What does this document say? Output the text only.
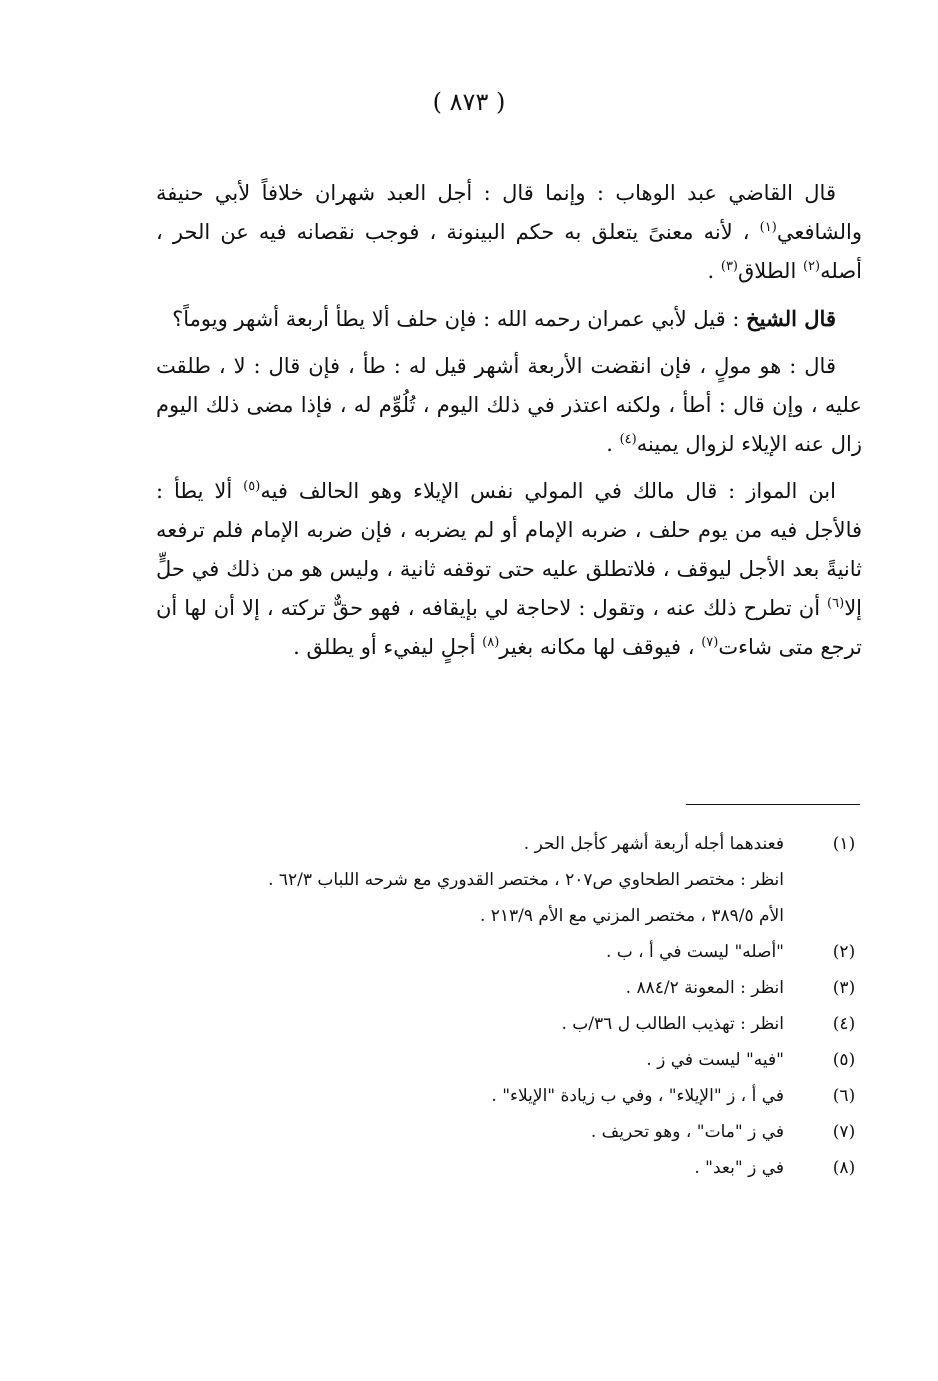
( ٨٧٣ )

قال القاضي عبد الوهاب : وإنما قال : أجل العبد شهران خلافاً لأبي حنيفة والشافعي$^{(١)}$ ، لأنه معنىً يتعلق به حكم البينونة ، فوجب نقصانه فيه عن الحر ، أصله$^{(٢)}$ الطلاق$^{(٣)}$ .

قال الشيخ : قيل لأبي عمران رحمه الله : فإن حلف ألا يطأ أربعة أشهر ويوماً؟

قال : هو مولٍ ، فإن انقضت الأربعة أشهر قيل له : طأ ، فإن قال : لا ، طلقت عليه ، وإن قال : أطأ ، ولكنه اعتذر في ذلك اليوم ، تُلُوِّم له ، فإذا مضى ذلك اليوم زال عنه الإيلاء لزوال يمينه$^{(٤)}$ .

ابن المواز : قال مالك في المولي نفس الإيلاء وهو الحالف فيه$^{(٥)}$ ألا يطأ : فالأجل فيه من يوم حلف ، ضربه الإمام أو لم يضربه ، فإن ضربه الإمام فلم ترفعه ثانيةً بعد الأجل ليوقف ، فلاتطلق عليه حتى توقفه ثانية ، وليس هو من ذلك في حلٍّ إلا$^{(٦)}$ أن تطرح ذلك عنه ، وتقول : لاحاجة لي بإيقافه ، فهو حقٌّ تركته ، إلا أن لها أن ترجع متى شاءت$^{(٧)}$ ، فيوقف لها مكانه بغير$^{(٨)}$ أجلٍ ليفيء أو يطلق .

(١)
فعندهما أجله أربعة أشهر كأجل الحر .
انظر : مختصر الطحاوي ص٢٠٧ ، مختصر القدوري مع شرحه اللباب ٦٢/٣ .
الأم ٣٨٩/٥ ، مختصر المزني مع الأم ٢١٣/٩ .
(٢)
"أصله" ليست في أ ، ب .
(٣)
انظر : المعونة ٨٨٤/٢ .
(٤)
انظر : تهذيب الطالب ل ٣٦/ب .
(٥)
"فيه" ليست في ز .
(٦)
في أ ، ز "الإيلاء" ، وفي ب زيادة "الإيلاء" .
(٧)
في ز "مات" ، وهو تحريف .
(٨)
في ز "بعد" .
